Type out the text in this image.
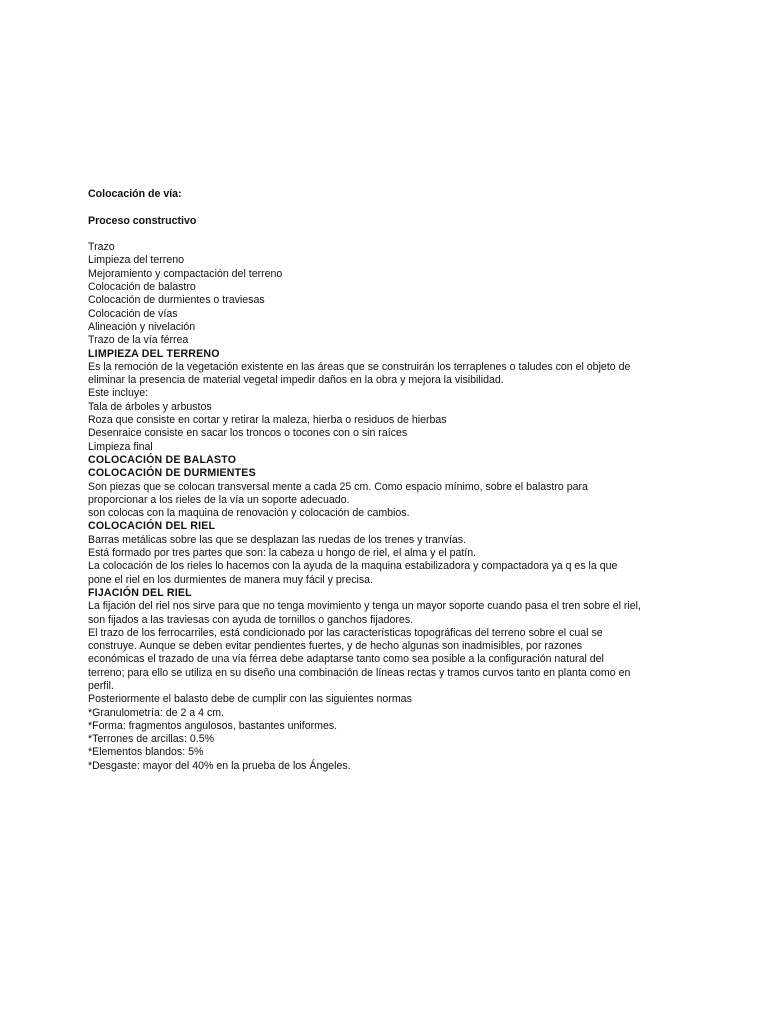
Colocación de vía:
Proceso constructivo
Trazo
Limpieza del terreno
Mejoramiento y compactación del terreno
Colocación de balastro
Colocación de durmientes o traviesas
Colocación de vías
Alineación y nivelación
Trazo de la vía férrea
LIMPIEZA DEL TERRENO
Es la remoción de la vegetación existente en las áreas que se construirán los terraplenes o taludes con el objeto de
eliminar la presencia de material vegetal impedir daños en la obra y mejora la visibilidad.
Este incluye:
Tala de árboles y arbustos
Roza que consiste en cortar y retirar la maleza, hierba o residuos de hierbas
Desenraice consiste en sacar los troncos o tocones con o sin raíces
Limpieza final
COLOCACIÓN DE BALASTO
COLOCACIÓN DE DURMIENTES
Son piezas que se colocan transversal mente a cada 25 cm. Como espacio mínimo, sobre el balastro para
proporcionar a los rieles de la vía un soporte adecuado.
son colocas con la maquina de renovación y colocación de cambios.
COLOCACIÓN DEL RIEL
Barras metálicas sobre las que se desplazan las ruedas de los trenes y tranvías.
Está formado por tres partes que son: la cabeza u hongo de riel, el alma y el patín.
La colocación de los rieles lo hacemos con la ayuda de la maquina estabilizadora y compactadora ya q es la que
pone el riel en los durmientes de manera muy fácil y precisa.
FIJACIÓN DEL RIEL
La fijación del riel nos sirve para que no tenga movimiento y tenga un mayor soporte cuando pasa el tren sobre el riel,
son fijados a las traviesas con ayuda de tornillos o ganchos fijadores.
El trazo de los ferrocarriles, está condicionado por las características topográficas del terreno sobre el cual se
construye. Aunque se deben evitar pendientes fuertes, y de hecho algunas son inadmisibles, por razones
económicas el trazado de una vía férrea debe adaptarse tanto como sea posible a la configuración natural del
terreno; para ello se utiliza en su diseño una combinación de líneas rectas y tramos curvos tanto en planta como en
perfil.
Posteriormente el balasto debe de cumplir con las siguientes normas
*Granulometría: de 2 a 4 cm.
*Forma: fragmentos angulosos, bastantes uniformes.
*Terrones de arcillas: 0.5%
*Elementos blandos: 5%
*Desgaste: mayor del 40% en la prueba de los Ángeles.
